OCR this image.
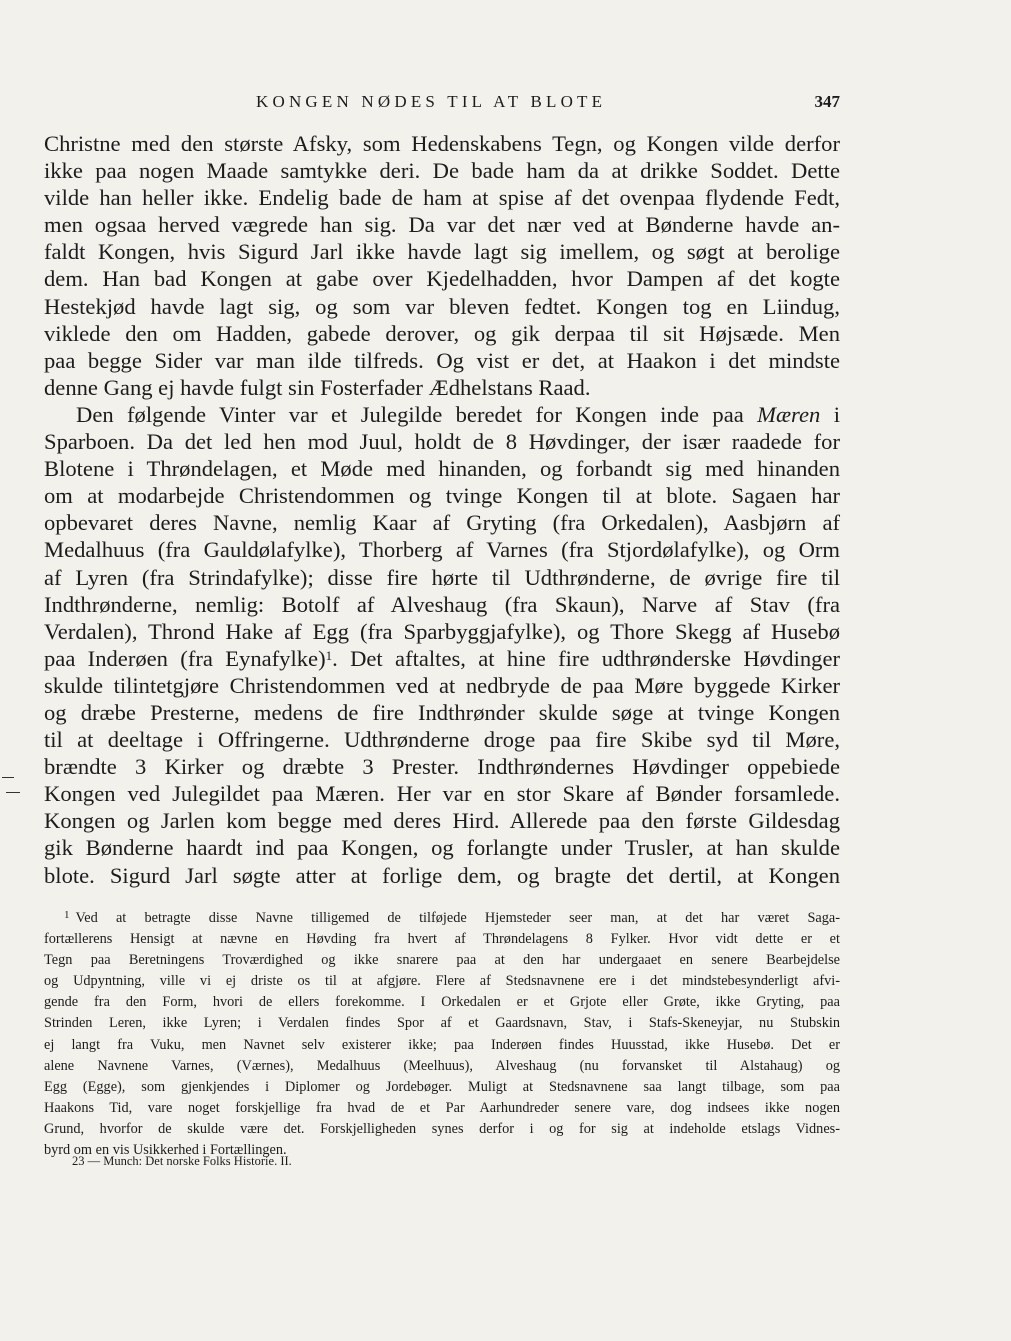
KONGEN NØDES TIL AT BLOTE	347

Christne med den største Afsky, som Hedenskabens Tegn, og Kongen vilde derfor

ikke paa nogen Maade samtykke deri. De bade ham da at drikke Soddet. Dette

vilde han heller ikke. Endelig bade de ham at spise af det ovenpaa flydende Fedt,

men ogsaa herved vægrede han sig. Da var det nær ved at Bønderne havde an-

faldt Kongen, hvis Sigurd Jarl ikke havde lagt sig imellem, og søgt at berolige

dem. Han bad Kongen at gabe over Kjedelhadden, hvor Dampen af det kogte

Hestekjød havde lagt sig, og som var bleven fedtet. Kongen tog en Liindug,

viklede den om Hadden, gabede derover, og gik derpaa til sit Højsæde. Men

paa begge Sider var man ilde tilfreds. Og vist er det, at Haakon i det mindste

denne Gang ej havde fulgt sin Fosterfader Ædhelstans Raad.

Den følgende Vinter var et Julegilde beredet for Kongen inde paa Mæren i

Sparboen. Da det led hen mod Juul, holdt de 8 Høvdinger, der især raadede for

Blotene i Thrøndelagen, et Møde med hinanden, og forbandt sig med hinanden

om at modarbejde Christendommen og tvinge Kongen til at blote. Sagaen har

opbevaret deres Navne, nemlig Kaar af Gryting (fra Orkedalen), Aasbjørn af

Medalhuus (fra Gauldølafylke), Thorberg af Varnes (fra Stjordølafylke), og Orm

af Lyren (fra Strindafylke); disse fire hørte til Udthrønderne, de øvrige fire til

Indthrønderne, nemlig: Botolf af Alveshaug (fra Skaun), Narve af Stav (fra

Verdalen), Thrond Hake af Egg (fra Sparbyggjafylke), og Thore Skegg af Husebø

paa Inderøen (fra Eynafylke)$^1$. Det aftaltes, at hine fire udthrønderske Høvdinger

skulde tilintetgjøre Christendommen ved at nedbryde de paa Møre byggede Kirker

og dræbe Presterne, medens de fire Indthrønder skulde søge at tvinge Kongen

til at deeltage i Offringerne. Udthrønderne droge paa fire Skibe syd til Møre,

brændte 3 Kirker og dræbte 3 Prester. Indthrøndernes Høvdinger oppebiede

Kongen ved Julegildet paa Mæren. Her var en stor Skare af Bønder forsamlede.

Kongen og Jarlen kom begge med deres Hird. Allerede paa den første Gildesdag

gik Bønderne haardt ind paa Kongen, og forlangte under Trusler, at han skulde

blote. Sigurd Jarl søgte atter at forlige dem, og bragte det dertil, at Kongen

$^1$ Ved at betragte disse Navne tilligemed de tilføjede Hjemsteder seer man, at det har været Saga-

fortællerens Hensigt at nævne en Høvding fra hvert af Thrøndelagens 8 Fylker. Hvor vidt dette er et

Tegn paa Beretningens Troværdighed og ikke snarere paa at den har undergaaet en senere Bearbejdelse

og Udpyntning, ville vi ej driste os til at afgjøre. Flere af Stedsnavnene ere i det mindstebesynderligt afvi-

gende fra den Form, hvori de ellers forekomme. I Orkedalen er et Grjote eller Grøte, ikke Gryting, paa

Strinden Leren, ikke Lyren; i Verdalen findes Spor af et Gaardsnavn, Stav, i Stafs-Skeneyjar, nu Stubskin

ej langt fra Vuku, men Navnet selv existerer ikke; paa Inderøen findes Huusstad, ikke Husebø. Det er

alene Navnene Varnes, (Værnes), Medalhuus (Meelhuus), Alveshaug (nu forvansket til Alstahaug) og

Egg (Egge), som gjenkjendes i Diplomer og Jordebøger. Muligt at Stedsnavnene saa langt tilbage, som paa

Haakons Tid, vare noget forskjellige fra hvad de et Par Aarhundreder senere vare, dog indsees ikke nogen

Grund, hvorfor de skulde være det. Forskjelligheden synes derfor i og for sig at indeholde etslags Vidnes-

byrd om en vis Usikkerhed i Fortællingen.

23 — Munch: Det norske Folks Historie. II.
